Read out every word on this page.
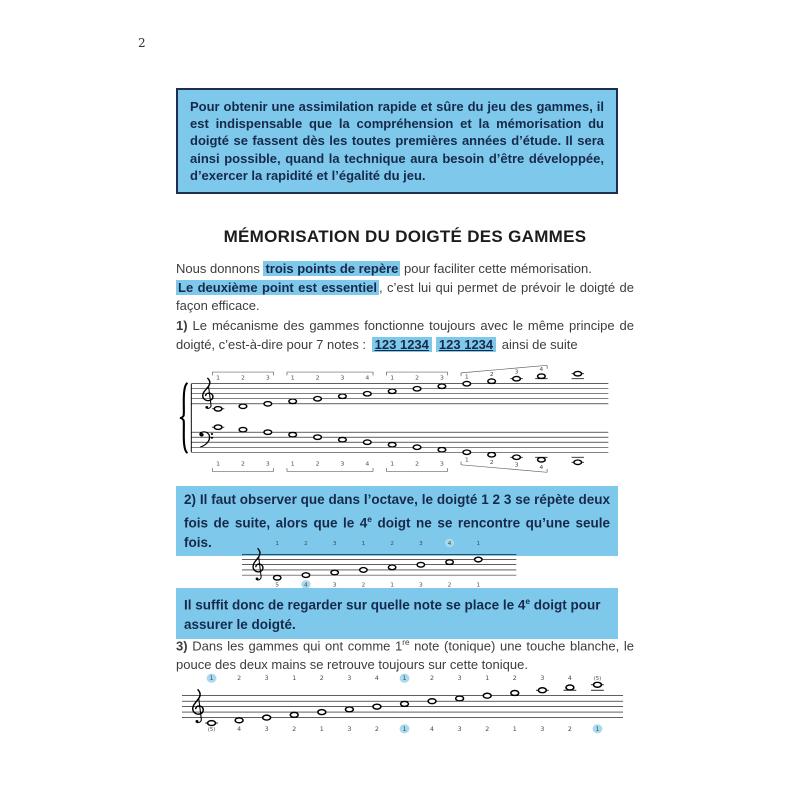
2
Pour obtenir une assimilation rapide et sûre du jeu des gammes, il est indispensable que la compréhension et la mémorisation du doigté se fassent dès les toutes premières années d’étude. Il sera ainsi possible, quand la technique aura besoin d’être développée, d’exercer la rapidité et l’égalité du jeu.
MÉMORISATION DU DOIGTÉ DES GAMMES
Nous donnons trois points de repère pour faciliter cette mémorisation.
Le deuxième point est essentiel , c’est lui qui permet de prévoir le doigté de façon efficace.
1) Le mécanisme des gammes fonctionne toujours avec le même principe de doigté, c’est-à-dire pour 7 notes : 123 1234 123 1234 ainsi de suite
1	2	3	1	2	3	4	1	2	3	1	2	3	4
1	2	3	1	2	3	4	1	2	3
1	2	3	4
2) Il faut observer que dans l’octave, le doigté 1 2 3 se répète deux fois de suite, alors que le 4e doigt ne se rencontre qu’une seule fois.	1	2	3	1	2	3	4	1
5	4	3	2	1	3	2	1
Il suffit donc de regarder sur quelle note se place le 4e doigt pour assurer le doigté.
3) Dans les gammes qui ont comme 1re note (tonique) une touche blanche, le pouce des deux mains se retrouve toujours sur cette tonique.
1	2	3	1	2	3	4	1	2	3	1	2	3	4	(5)
(5)	4	3	2	1	3	2	1	4	3	2	1	3	2	1
